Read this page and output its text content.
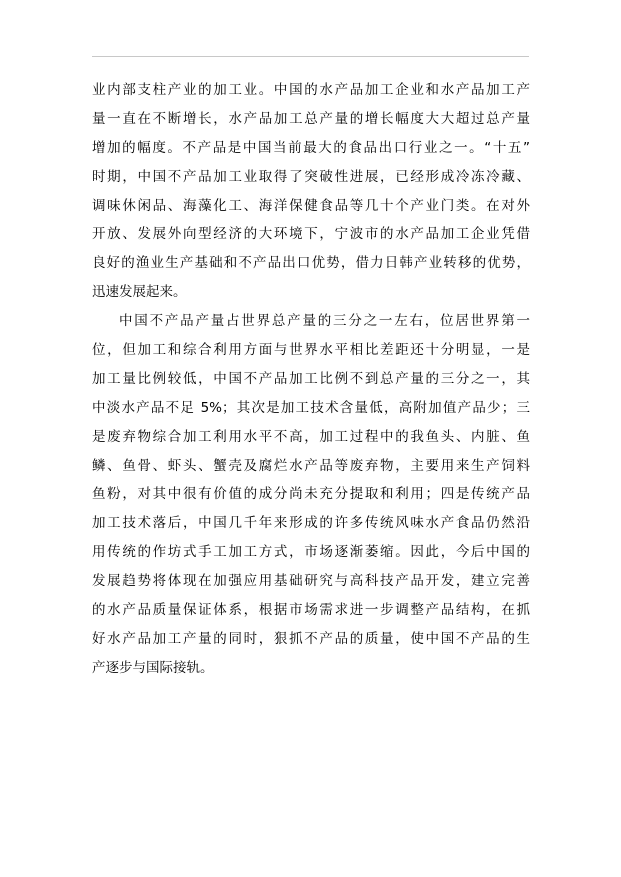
业内部支柱产业的加工业。中国的水产品加工企业和水产品加工产
量一直在不断增长，水产品加工总产量的增长幅度大大超过总产量
增加的幅度。不产品是中国当前最大的食品出口行业之一。“十五”
时期，中国不产品加工业取得了突破性进展，已经形成冷冻冷藏、
调味休闲品、海藻化工、海洋保健食品等几十个产业门类。在对外
开放、发展外向型经济的大环境下，宁波市的水产品加工企业凭借
良好的渔业生产基础和不产品出口优势，借力日韩产业转移的优势，
迅速发展起来。
中国不产品产量占世界总产量的三分之一左右，位居世界第一
位，但加工和综合利用方面与世界水平相比差距还十分明显，一是
加工量比例较低，中国不产品加工比例不到总产量的三分之一，其
中淡水产品不足 5%；其次是加工技术含量低，高附加值产品少；三
是废弃物综合加工利用水平不高，加工过程中的我鱼头、内脏、鱼
鳞、鱼骨、虾头、蟹壳及腐烂水产品等废弃物，主要用来生产饲料
鱼粉，对其中很有价值的成分尚未充分提取和利用；四是传统产品
加工技术落后，中国几千年来形成的许多传统风味水产食品仍然沿
用传统的作坊式手工加工方式，市场逐渐萎缩。因此，今后中国的
发展趋势将体现在加强应用基础研究与高科技产品开发，建立完善
的水产品质量保证体系，根据市场需求进一步调整产品结构，在抓
好水产品加工产量的同时，狠抓不产品的质量，使中国不产品的生
产逐步与国际接轨。
